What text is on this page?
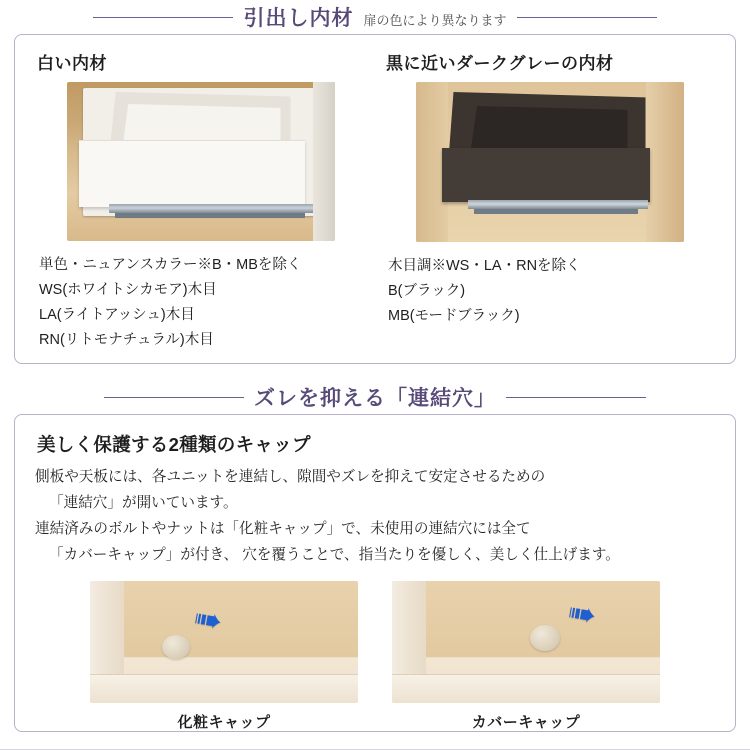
引出し内材 扉の色により異なります
白い内材
単色・ニュアンスカラー※B・MBを除く
WS(ホワイトシカモア)木目
LA(ライトアッシュ)木目
RN(リトモナチュラル)木目
黒に近いダークグレーの内材
木目調※WS・LA・RNを除く
B(ブラック)
MB(モードブラック)
ズレを抑える「連結穴」
美しく保護する2種類のキャップ

側板や天板には、各ユニットを連結し、隙間やズレを抑えて安定させるための

「連結穴」が開いています。

連結済みのボルトやナットは「化粧キャップ」で、未使用の連結穴には全て

「カバーキャップ」が付き、 穴を覆うことで、指当たりを優しく、美しく仕上げます。

➠
化粧キャップ
➠
カバーキャップ
